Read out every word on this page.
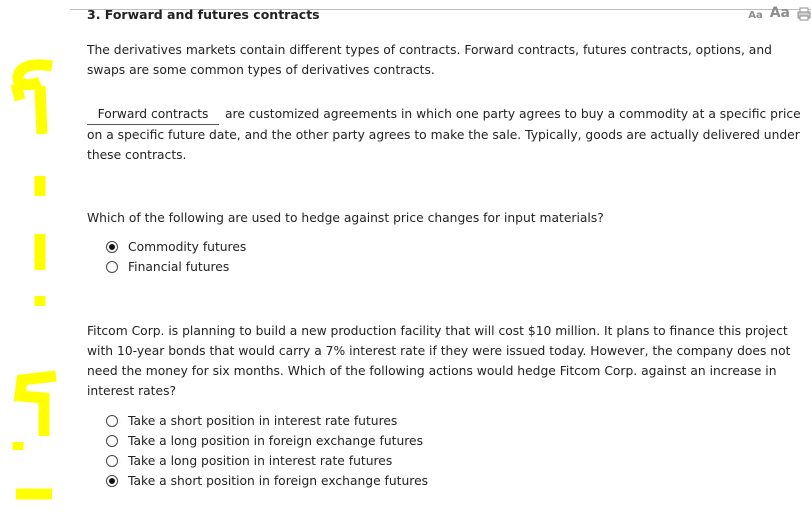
3. Forward and futures contracts	Aa Aa
The derivatives markets contain different types of contracts. Forward contracts, futures contracts, options, and swaps are some common types of derivatives contracts.
Forward contracts are customized agreements in which one party agrees to buy a commodity at a specific price on a specific future date, and the other party agrees to make the sale. Typically, goods are actually delivered under these contracts.
Which of the following are used to hedge against price changes for input materials?
Commodity futures
Financial futures
Fitcom Corp. is planning to build a new production facility that will cost $10 million. It plans to finance this project with 10-year bonds that would carry a 7% interest rate if they were issued today. However, the company does not need the money for six months. Which of the following actions would hedge Fitcom Corp. against an increase in interest rates?
Take a short position in interest rate futures
Take a long position in foreign exchange futures
Take a long position in interest rate futures
Take a short position in foreign exchange futures
